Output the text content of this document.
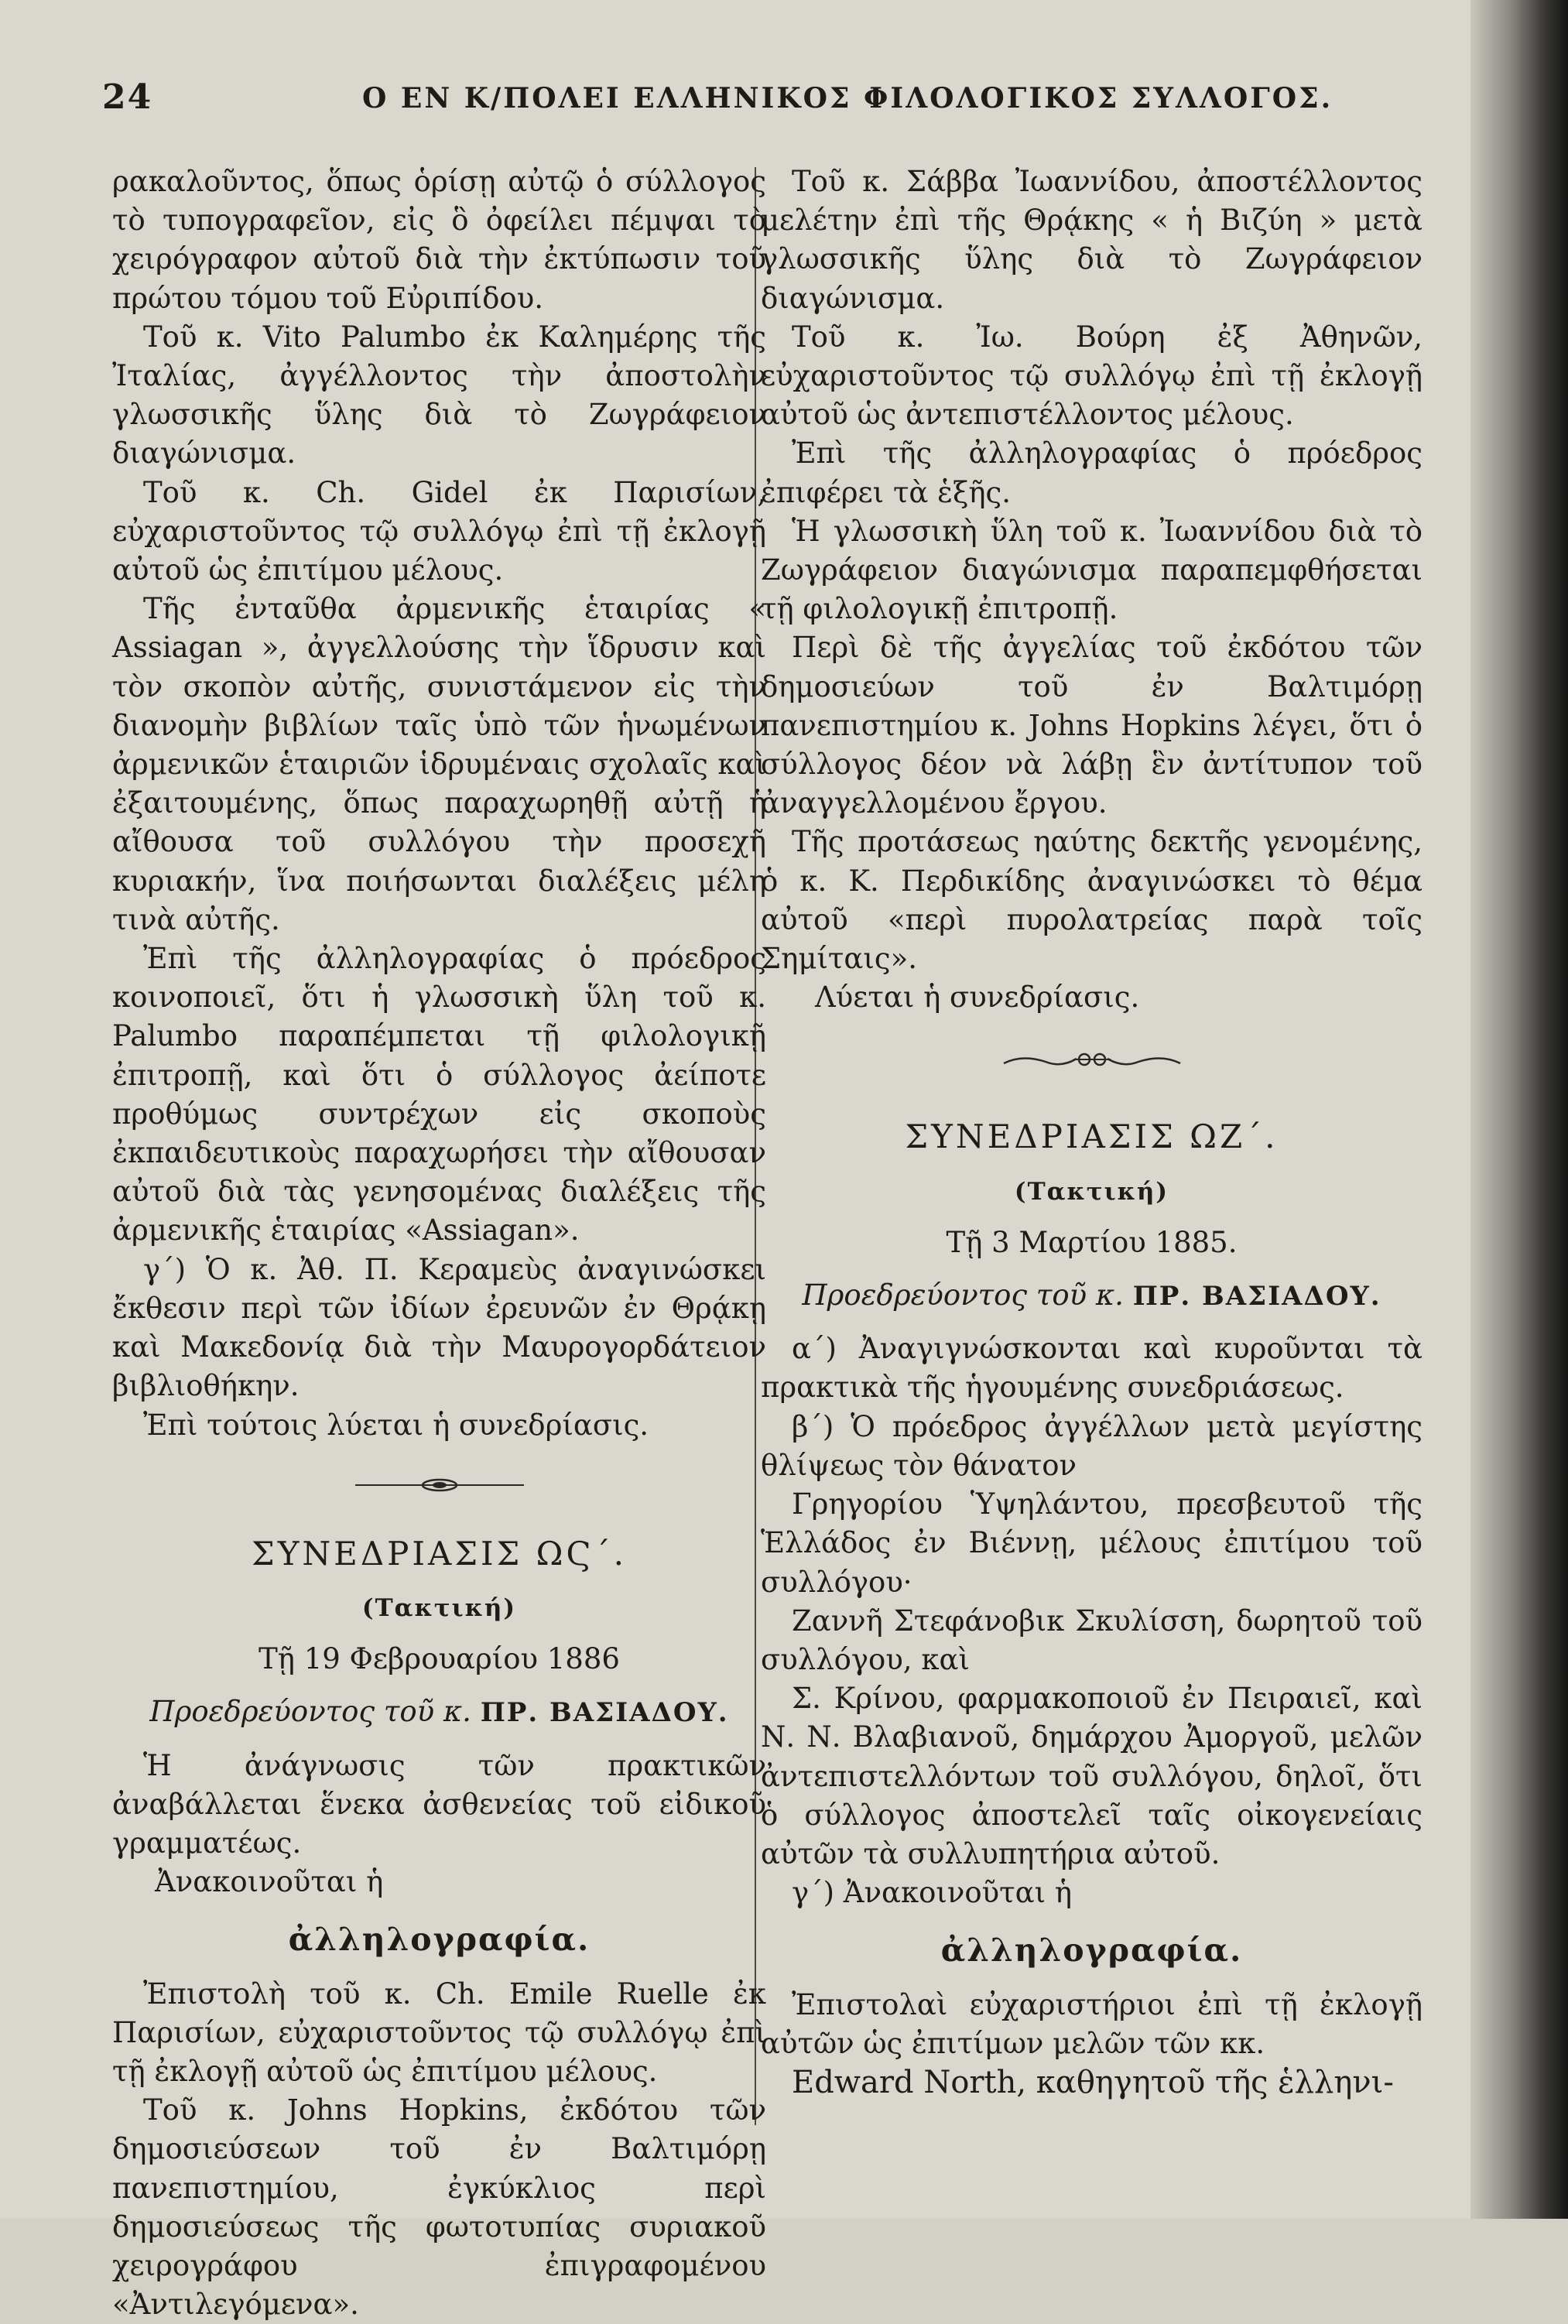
24	Ο ΕΝ Κ/ΠΟΛΕΙ ΕΛΛΗΝΙΚΟΣ ΦΙΛΟΛΟΓΙΚΟΣ ΣΥΛΛΟΓΟΣ.

ρακαλοῦντος, ὅπως ὁρίσῃ αὐτῷ ὁ σύλλογος τὸ τυπογραφεῖον, εἰς ὃ ὀφείλει πέμψαι τὸ χειρόγραφον αὐτοῦ διὰ τὴν ἐκτύπωσιν τοῦ πρώτου τόμου τοῦ Εὐριπίδου.

Τοῦ κ. Vito Palumbo ἐκ Καλημέρης τῆς Ἰταλίας, ἀγγέλλοντος τὴν ἀποστολὴν γλωσσικῆς ὕλης διὰ τὸ Ζωγράφειον διαγώνισμα.

Τοῦ κ. Ch. Gidel ἐκ Παρισίων, εὐχαριστοῦντος τῷ συλλόγῳ ἐπὶ τῇ ἐκλογῇ αὐτοῦ ὡς ἐπιτίμου μέλους.

Τῆς ἐνταῦθα ἀρμενικῆς ἑταιρίας « Assiagan », ἀγγελλούσης τὴν ἵδρυσιν καὶ τὸν σκοπὸν αὐτῆς, συνιστάμενον εἰς τὴν διανομὴν βιβλίων ταῖς ὑπὸ τῶν ἡνωμένων ἀρμενικῶν ἑταιριῶν ἱδρυμέναις σχολαῖς καὶ ἐξαιτουμένης, ὅπως παραχωρηθῇ αὐτῇ ἡ αἴθουσα τοῦ συλλόγου τὴν προσεχῆ κυριακήν, ἵνα ποιήσωνται διαλέξεις μέλη τινὰ αὐτῆς.

Ἐπὶ τῆς ἀλληλογραφίας ὁ πρόεδρος κοινοποιεῖ, ὅτι ἡ γλωσσικὴ ὕλη τοῦ κ. Palumbo παραπέμπεται τῇ φιλολογικῇ ἐπιτροπῇ, καὶ ὅτι ὁ σύλλογος ἀείποτε προθύμως συντρέχων εἰς σκοποὺς ἐκπαιδευτικοὺς παραχωρήσει τὴν αἴθουσαν αὐτοῦ διὰ τὰς γενησομένας διαλέξεις τῆς ἀρμενικῆς ἑταιρίας «Assiagan».

γ΄) Ὁ κ. Ἀθ. Π. Κεραμεὺς ἀναγινώσκει ἔκθεσιν περὶ τῶν ἰδίων ἐρευνῶν ἐν Θρᾴκῃ καὶ Μακεδονίᾳ διὰ τὴν Μαυρογορδάτειον βιβλιοθήκην.

Ἐπὶ τούτοις λύεται ἡ συνεδρίασις.

ΣΥΝΕΔΡΙΑΣΙΣ ΩϚ΄.

(Τακτική)

Τῇ 19 Φεβρουαρίου 1886

Προεδρεύοντος τοῦ κ. ΠΡ. ΒΑΣΙΑΔΟΥ.

Ἡ ἀνάγνωσις τῶν πρακτικῶν ἀναβάλλεται ἕνεκα ἀσθενείας τοῦ εἰδικοῦ γραμματέως.

Ἀνακοινοῦται ἡ

ἀλληλογραφία.

Ἐπιστολὴ τοῦ κ. Ch. Emile Ruelle ἐκ Παρισίων, εὐχαριστοῦντος τῷ συλλόγῳ ἐπὶ τῇ ἐκλογῇ αὐτοῦ ὡς ἐπιτίμου μέλους.

Τοῦ κ. Johns Hopkins, ἐκδότου τῶν δημοσιεύσεων τοῦ ἐν Βαλτιμόρῃ πανεπιστημίου, ἐγκύκλιος περὶ δημοσιεύσεως τῆς φωτοτυπίας συριακοῦ χειρογράφου ἐπιγραφομένου «Ἀντιλεγόμενα».

Τοῦ κ. Σάββα Ἰωαννίδου, ἀποστέλλοντος μελέτην ἐπὶ τῆς Θρᾴκης « ἡ Βιζύη » μετὰ γλωσσικῆς ὕλης διὰ τὸ Ζωγράφειον διαγώνισμα.

Τοῦ κ. Ἰω. Βούρη ἐξ Ἀθηνῶν, εὐχαριστοῦντος τῷ συλλόγῳ ἐπὶ τῇ ἐκλογῇ αὐτοῦ ὡς ἀντεπιστέλλοντος μέλους.

Ἐπὶ τῆς ἀλληλογραφίας ὁ πρόεδρος ἐπιφέρει τὰ ἑξῆς.

Ἡ γλωσσικὴ ὕλη τοῦ κ. Ἰωαννίδου διὰ τὸ Ζωγράφειον διαγώνισμα παραπεμφθήσεται τῇ φιλολογικῇ ἐπιτροπῇ.

Περὶ δὲ τῆς ἀγγελίας τοῦ ἐκδότου τῶν δημοσιεύων τοῦ ἐν Βαλτιμόρῃ πανεπιστημίου κ. Johns Hopkins λέγει, ὅτι ὁ σύλλογος δέον νὰ λάβῃ ἓν ἀντίτυπον τοῦ ἀναγγελλομένου ἔργου.

Τῆς προτάσεως ηαύτης δεκτῆς γενομένης, ὁ κ. Κ. Περδικίδης ἀναγινώσκει τὸ θέμα αὐτοῦ «περὶ πυρολατρείας παρὰ τοῖς Σημίταις».

Λύεται ἡ συνεδρίασις.

ΣΥΝΕΔΡΙΑΣΙΣ ΩΖ΄.

(Τακτική)

Τῇ 3 Μαρτίου 1885.

Προεδρεύοντος τοῦ κ. ΠΡ. ΒΑΣΙΑΔΟΥ.

α΄) Ἀναγιγνώσκονται καὶ κυροῦνται τὰ πρακτικὰ τῆς ἡγουμένης συνεδριάσεως.

β΄) Ὁ πρόεδρος ἀγγέλλων μετὰ μεγίστης θλίψεως τὸν θάνατον

Γρηγορίου Ὑψηλάντου, πρεσβευτοῦ τῆς Ἑλλάδος ἐν Βιέννῃ, μέλους ἐπιτίμου τοῦ συλλόγου·

Ζαννῆ Στεφάνοβικ Σκυλίσση, δωρητοῦ τοῦ συλλόγου, καὶ

Σ. Κρίνου, φαρμακοποιοῦ ἐν Πειραιεῖ, καὶ Ν. Ν. Βλαβιανοῦ, δημάρχου Ἀμοργοῦ, μελῶν ἀντεπιστελλόντων τοῦ συλλόγου, δηλοῖ, ὅτι ὁ σύλλογος ἀποστελεῖ ταῖς οἰκογενείαις αὐτῶν τὰ συλλυπητήρια αὐτοῦ.

γ΄) Ἀνακοινοῦται ἡ

ἀλληλογραφία.

Ἐπιστολαὶ εὐχαριστήριοι ἐπὶ τῇ ἐκλογῇ αὐτῶν ὡς ἐπιτίμων μελῶν τῶν κκ.

Edward North, καθηγητοῦ τῆς ἑλληνι-
